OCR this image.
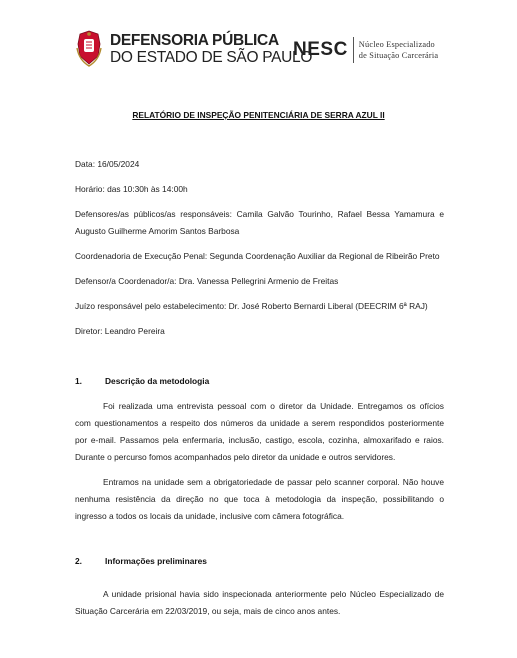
DEFENSORIA PÚBLICA
DO ESTADO DE SÃO PAULO
NESC	Núcleo Especializado
de Situação Carcerária
RELATÓRIO DE INSPEÇÃO PENITENCIÁRIA DE SERRA AZUL II
Data: 16/05/2024
Horário: das 10:30h às 14:00h
Defensores/as públicos/as responsáveis: Camila Galvão Tourinho, Rafael Bessa Yamamura e
Augusto Guilherme Amorim Santos Barbosa
Coordenadoria de Execução Penal: Segunda Coordenação Auxiliar da Regional de Ribeirão Preto
Defensor/a Coordenador/a: Dra. Vanessa Pellegrini Armenio de Freitas
Juízo responsável pelo estabelecimento: Dr. José Roberto Bernardi Liberal (DEECRIM 6ª RAJ)
Diretor: Leandro Pereira
1.	Descrição da metodologia
Foi realizada uma entrevista pessoal com o diretor da Unidade. Entregamos os ofícios
com questionamentos a respeito dos números da unidade a serem respondidos posteriormente
por e-mail. Passamos pela enfermaria, inclusão, castigo, escola, cozinha, almoxarifado e raios.
Durante o percurso fomos acompanhados pelo diretor da unidade e outros servidores.
Entramos na unidade sem a obrigatoriedade de passar pelo scanner corporal. Não houve
nenhuma resistência da direção no que toca à metodologia da inspeção, possibilitando o
ingresso a todos os locais da unidade, inclusive com câmera fotográfica.
2.	Informações preliminares
A unidade prisional havia sido inspecionada anteriormente pelo Núcleo Especializado de
Situação Carcerária em 22/03/2019, ou seja, mais de cinco anos antes.
